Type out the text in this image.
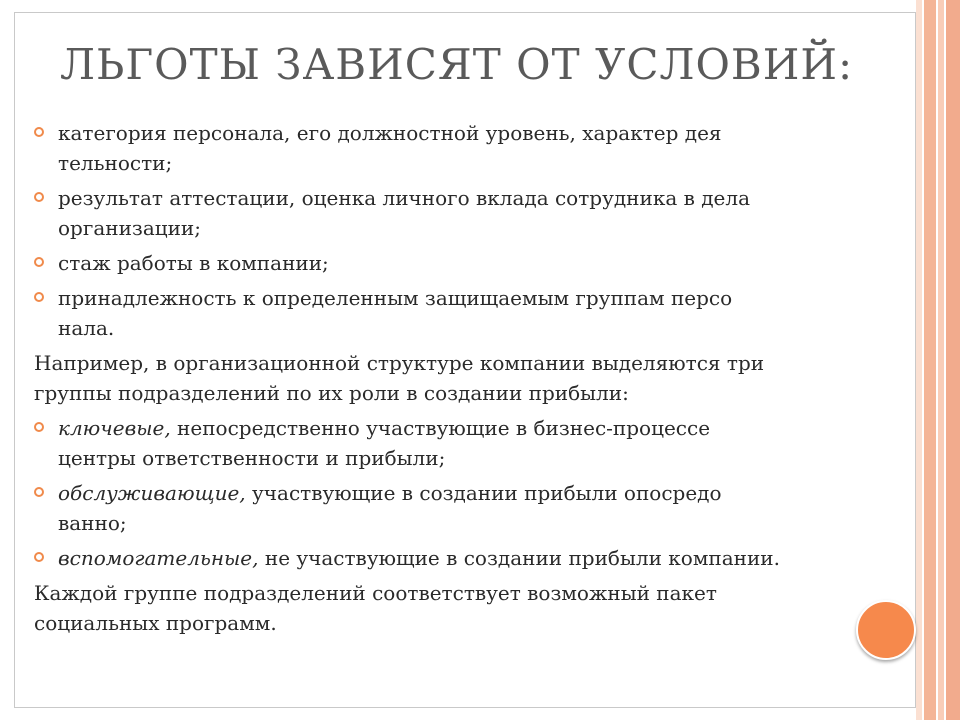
ЛЬГОТЫ ЗАВИСЯТ ОТ УСЛОВИЙ:
категория персонала, его должностной уровень, характер дея
тельности;
результат аттестации, оценка личного вклада сотрудника в дела
организации;
стаж работы в компании;
принадлежность к определенным защищаемым группам персо
нала.
Например, в организационной структуре компании выделяются три
группы подразделений по их роли в создании прибыли:
ключевые, непосредственно участвующие в бизнес-процессе
центры ответственности и прибыли;
обслуживающие, участвующие в создании прибыли опосредо
ванно;
вспомогательные, не участвующие в создании прибыли компании.
Каждой группе подразделений соответствует возможный пакет
социальных программ.
